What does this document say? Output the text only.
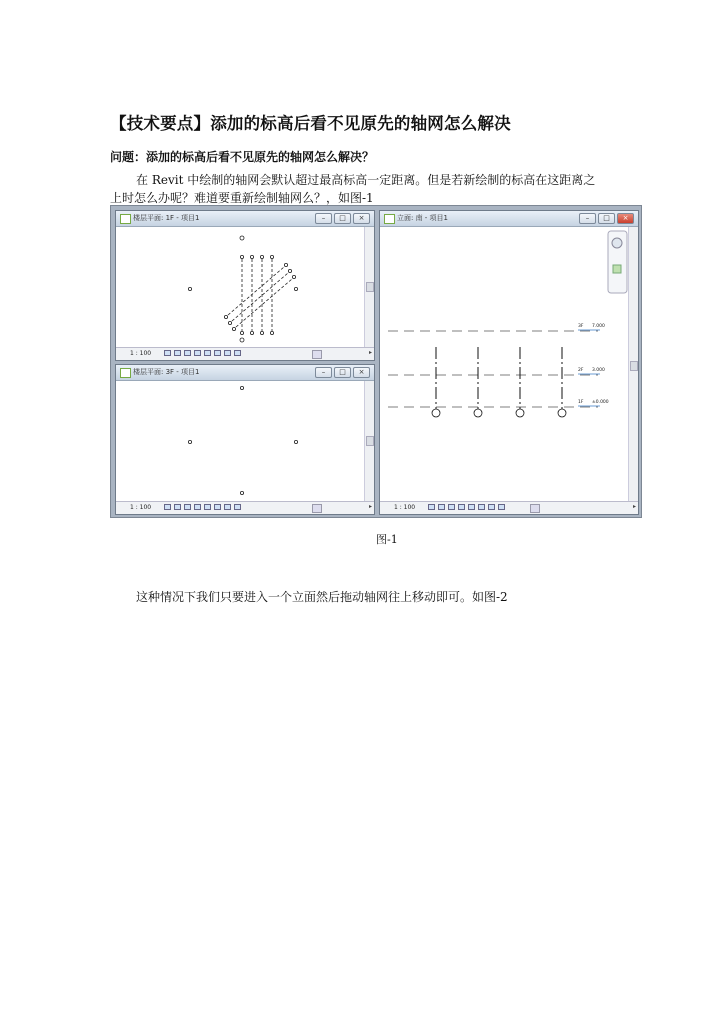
【技术要点】添加的标高后看不见原先的轴网怎么解决
问题：添加的标高后看不见原先的轴网怎么解决？
在 Revit 中绘制的轴网会默认超过最高标高一定距离。但是若新绘制的标高在这距离之
上时怎么办呢？难道要重新绘制轴网么？，如图-1
楼层平面: 1F - 项目1	–	□	×
1 : 100	▸
楼层平面: 3F - 项目1	–	□	×
1 : 100	▸
立面: 南 - 项目1	–	□	×
3F 7.000
2F 3.000
1F ±0.000
1 : 100	▸
图-1
这种情况下我们只要进入一个立面然后拖动轴网往上移动即可。如图-2
